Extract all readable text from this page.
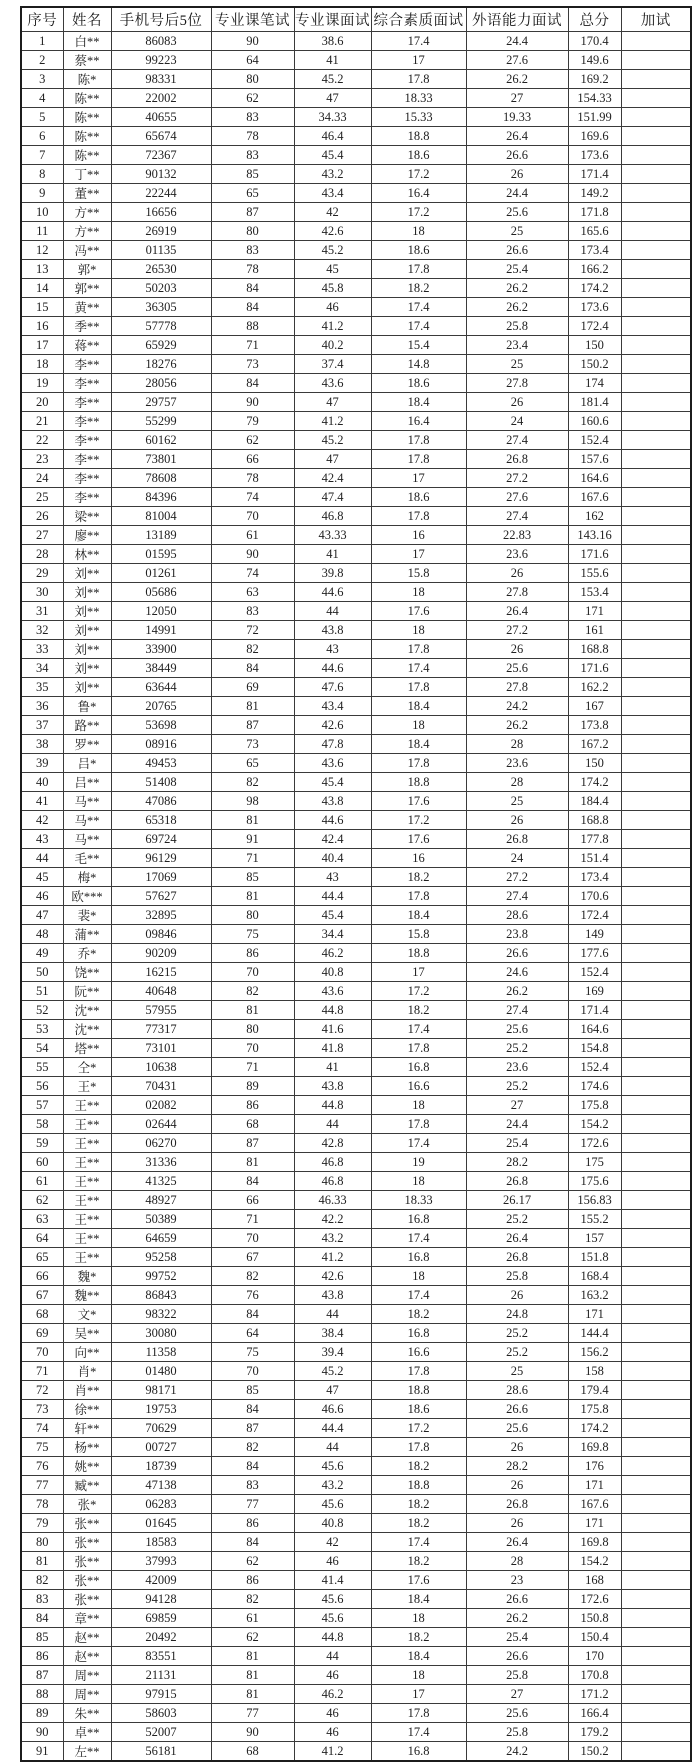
序号	姓名	手机号后5位	专业课笔试	专业课面试	综合素质面试	外语能力面试	总分	加试
1	白**	86083	90	38.6	17.4	24.4	170.4	
2	蔡**	99223	64	41	17	27.6	149.6	
3	陈*	98331	80	45.2	17.8	26.2	169.2	
4	陈**	22002	62	47	18.33	27	154.33	
5	陈**	40655	83	34.33	15.33	19.33	151.99	
6	陈**	65674	78	46.4	18.8	26.4	169.6	
7	陈**	72367	83	45.4	18.6	26.6	173.6	
8	丁**	90132	85	43.2	17.2	26	171.4	
9	董**	22244	65	43.4	16.4	24.4	149.2	
10	方**	16656	87	42	17.2	25.6	171.8	
11	方**	26919	80	42.6	18	25	165.6	
12	冯**	01135	83	45.2	18.6	26.6	173.4	
13	郭*	26530	78	45	17.8	25.4	166.2	
14	郭**	50203	84	45.8	18.2	26.2	174.2	
15	黄**	36305	84	46	17.4	26.2	173.6	
16	季**	57778	88	41.2	17.4	25.8	172.4	
17	蒋**	65929	71	40.2	15.4	23.4	150	
18	李**	18276	73	37.4	14.8	25	150.2	
19	李**	28056	84	43.6	18.6	27.8	174	
20	李**	29757	90	47	18.4	26	181.4	
21	李**	55299	79	41.2	16.4	24	160.6	
22	李**	60162	62	45.2	17.8	27.4	152.4	
23	李**	73801	66	47	17.8	26.8	157.6	
24	李**	78608	78	42.4	17	27.2	164.6	
25	李**	84396	74	47.4	18.6	27.6	167.6	
26	梁**	81004	70	46.8	17.8	27.4	162	
27	廖**	13189	61	43.33	16	22.83	143.16	
28	林**	01595	90	41	17	23.6	171.6	
29	刘**	01261	74	39.8	15.8	26	155.6	
30	刘**	05686	63	44.6	18	27.8	153.4	
31	刘**	12050	83	44	17.6	26.4	171	
32	刘**	14991	72	43.8	18	27.2	161	
33	刘**	33900	82	43	17.8	26	168.8	
34	刘**	38449	84	44.6	17.4	25.6	171.6	
35	刘**	63644	69	47.6	17.8	27.8	162.2	
36	鲁*	20765	81	43.4	18.4	24.2	167	
37	路**	53698	87	42.6	18	26.2	173.8	
38	罗**	08916	73	47.8	18.4	28	167.2	
39	吕*	49453	65	43.6	17.8	23.6	150	
40	吕**	51408	82	45.4	18.8	28	174.2	
41	马**	47086	98	43.8	17.6	25	184.4	
42	马**	65318	81	44.6	17.2	26	168.8	
43	马**	69724	91	42.4	17.6	26.8	177.8	
44	毛**	96129	71	40.4	16	24	151.4	
45	梅*	17069	85	43	18.2	27.2	173.4	
46	欧***	57627	81	44.4	17.8	27.4	170.6	
47	裴*	32895	80	45.4	18.4	28.6	172.4	
48	蒲**	09846	75	34.4	15.8	23.8	149	
49	乔*	90209	86	46.2	18.8	26.6	177.6	
50	饶**	16215	70	40.8	17	24.6	152.4	
51	阮**	40648	82	43.6	17.2	26.2	169	
52	沈**	57955	81	44.8	18.2	27.4	171.4	
53	沈**	77317	80	41.6	17.4	25.6	164.6	
54	塔**	73101	70	41.8	17.8	25.2	154.8	
55	仝*	10638	71	41	16.8	23.6	152.4	
56	王*	70431	89	43.8	16.6	25.2	174.6	
57	王**	02082	86	44.8	18	27	175.8	
58	王**	02644	68	44	17.8	24.4	154.2	
59	王**	06270	87	42.8	17.4	25.4	172.6	
60	王**	31336	81	46.8	19	28.2	175	
61	王**	41325	84	46.8	18	26.8	175.6	
62	王**	48927	66	46.33	18.33	26.17	156.83	
63	王**	50389	71	42.2	16.8	25.2	155.2	
64	王**	64659	70	43.2	17.4	26.4	157	
65	王**	95258	67	41.2	16.8	26.8	151.8	
66	魏*	99752	82	42.6	18	25.8	168.4	
67	魏**	86843	76	43.8	17.4	26	163.2	
68	文*	98322	84	44	18.2	24.8	171	
69	吴**	30080	64	38.4	16.8	25.2	144.4	
70	向**	11358	75	39.4	16.6	25.2	156.2	
71	肖*	01480	70	45.2	17.8	25	158	
72	肖**	98171	85	47	18.8	28.6	179.4	
73	徐**	19753	84	46.6	18.6	26.6	175.8	
74	轩**	70629	87	44.4	17.2	25.6	174.2	
75	杨**	00727	82	44	17.8	26	169.8	
76	姚**	18739	84	45.6	18.2	28.2	176	
77	臧**	47138	83	43.2	18.8	26	171	
78	张*	06283	77	45.6	18.2	26.8	167.6	
79	张**	01645	86	40.8	18.2	26	171	
80	张**	18583	84	42	17.4	26.4	169.8	
81	张**	37993	62	46	18.2	28	154.2	
82	张**	42009	86	41.4	17.6	23	168	
83	张**	94128	82	45.6	18.4	26.6	172.6	
84	章**	69859	61	45.6	18	26.2	150.8	
85	赵**	20492	62	44.8	18.2	25.4	150.4	
86	赵**	83551	81	44	18.4	26.6	170	
87	周**	21131	81	46	18	25.8	170.8	
88	周**	97915	81	46.2	17	27	171.2	
89	朱**	58603	77	46	17.8	25.6	166.4	
90	卓**	52007	90	46	17.4	25.8	179.2	
91	左**	56181	68	41.2	16.8	24.2	150.2	
